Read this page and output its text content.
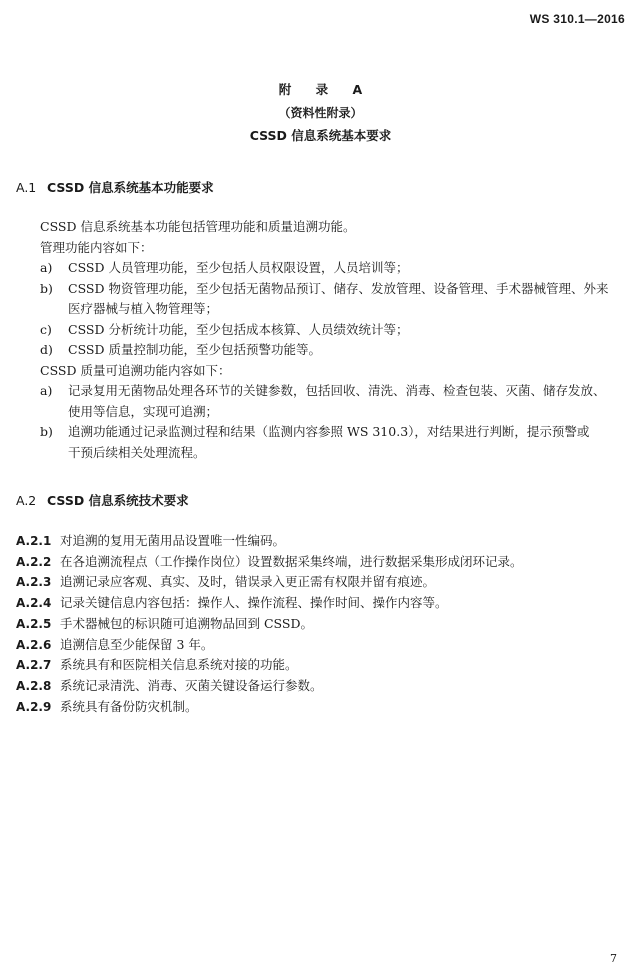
WS 310.1—2016
附 录 A
（资料性附录）
CSSD 信息系统基本要求
A.1 CSSD 信息系统基本功能要求
CSSD 信息系统基本功能包括管理功能和质量追溯功能。
管理功能内容如下：
a)	CSSD 人员管理功能，至少包括人员权限设置，人员培训等；
b)	CSSD 物资管理功能，至少包括无菌物品预订、储存、发放管理、设备管理、手术器械管理、外来
医疗器械与植入物管理等；
c)	CSSD 分析统计功能，至少包括成本核算、人员绩效统计等；
d)	CSSD 质量控制功能，至少包括预警功能等。
CSSD 质量可追溯功能内容如下：
a)	记录复用无菌物品处理各环节的关键参数，包括回收、清洗、消毒、检查包装、灭菌、储存发放、
使用等信息，实现可追溯；
b)	追溯功能通过记录监测过程和结果（监测内容参照 WS 310.3），对结果进行判断，提示预警或
干预后续相关处理流程。
A.2 CSSD 信息系统技术要求
A.2.1 对追溯的复用无菌用品设置唯一性编码。
A.2.2 在各追溯流程点（工作操作岗位）设置数据采集终端，进行数据采集形成闭环记录。
A.2.3 追溯记录应客观、真实、及时，错误录入更正需有权限并留有痕迹。
A.2.4 记录关键信息内容包括：操作人、操作流程、操作时间、操作内容等。
A.2.5 手术器械包的标识随可追溯物品回到 CSSD。
A.2.6 追溯信息至少能保留 3 年。
A.2.7 系统具有和医院相关信息系统对接的功能。
A.2.8 系统记录清洗、消毒、灭菌关键设备运行参数。
A.2.9 系统具有备份防灾机制。
7
